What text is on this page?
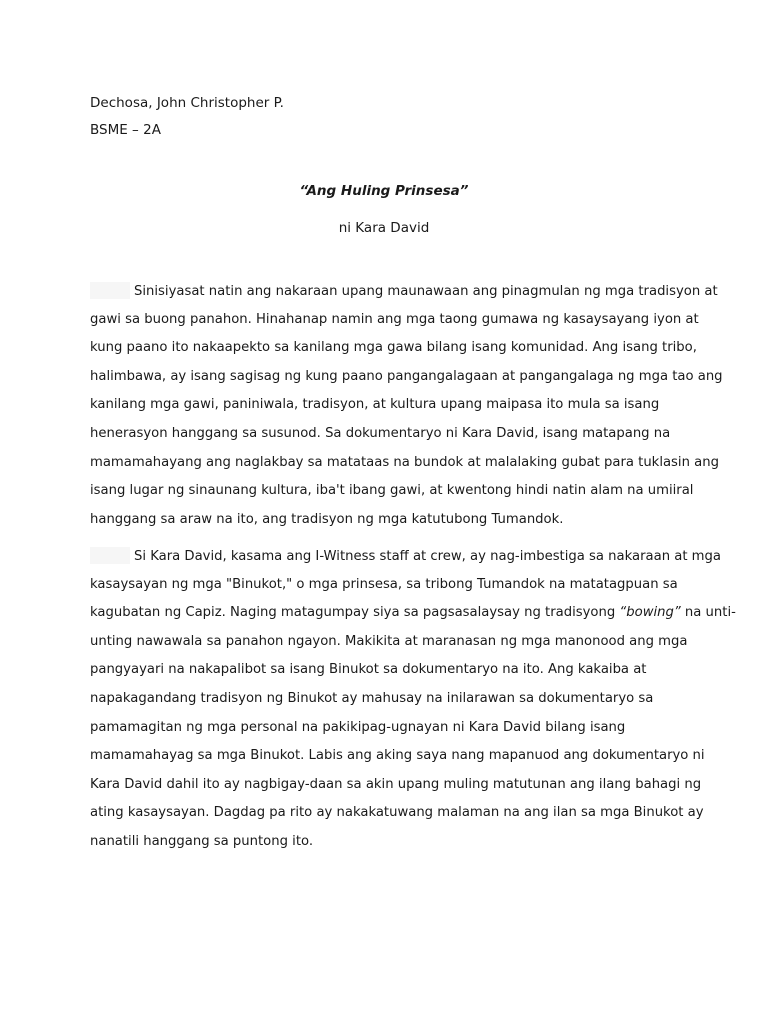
Dechosa, John Christopher P.
BSME – 2A
“Ang Huling Prinsesa”
ni Kara David
Sinisiyasat natin ang nakaraan upang maunawaan ang pinagmulan ng mga tradisyon at
gawi sa buong panahon. Hinahanap namin ang mga taong gumawa ng kasaysayang iyon at
kung paano ito nakaapekto sa kanilang mga gawa bilang isang komunidad. Ang isang tribo,
halimbawa, ay isang sagisag ng kung paano pangangalagaan at pangangalaga ng mga tao ang
kanilang mga gawi, paniniwala, tradisyon, at kultura upang maipasa ito mula sa isang
henerasyon hanggang sa susunod. Sa dokumentaryo ni Kara David, isang matapang na
mamamahayang ang naglakbay sa matataas na bundok at malalaking gubat para tuklasin ang
isang lugar ng sinaunang kultura, iba't ibang gawi, at kwentong hindi natin alam na umiiral
hanggang sa araw na ito, ang tradisyon ng mga katutubong Tumandok.
Si Kara David, kasama ang I-Witness staff at crew, ay nag-imbestiga sa nakaraan at mga
kasaysayan ng mga "Binukot," o mga prinsesa, sa tribong Tumandok na matatagpuan sa
kagubatan ng Capiz. Naging matagumpay siya sa pagsasalaysay ng tradisyong “bowing” na unti-
unting nawawala sa panahon ngayon. Makikita at maranasan ng mga manonood ang mga
pangyayari na nakapalibot sa isang Binukot sa dokumentaryo na ito. Ang kakaiba at
napakagandang tradisyon ng Binukot ay mahusay na inilarawan sa dokumentaryo sa
pamamagitan ng mga personal na pakikipag-ugnayan ni Kara David bilang isang
mamamahayag sa mga Binukot. Labis ang aking saya nang mapanuod ang dokumentaryo ni
Kara David dahil ito ay nagbigay-daan sa akin upang muling matutunan ang ilang bahagi ng
ating kasaysayan. Dagdag pa rito ay nakakatuwang malaman na ang ilan sa mga Binukot ay
nanatili hanggang sa puntong ito.
